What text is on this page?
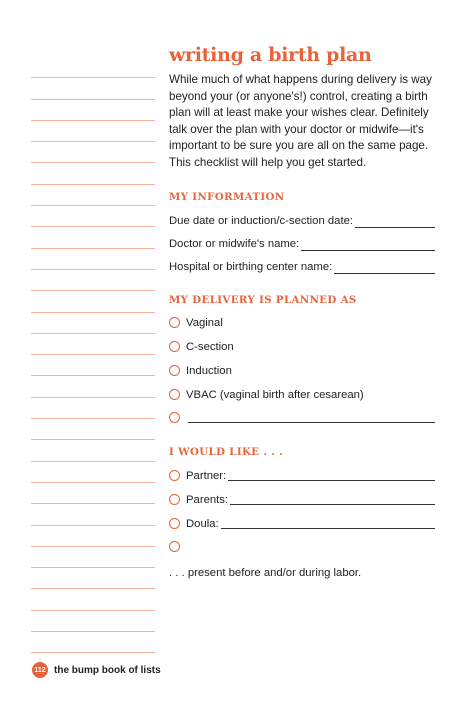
writing a birth plan

While much of what happens during delivery is way beyond your (or anyone's!) control, creating a birth plan will at least make your wishes clear. Definitely talk over the plan with your doctor or midwife—it's important to be sure you are all on the same page. This checklist will help you get started.

MY INFORMATION
Due date or induction/c-section date:
Doctor or midwife's name:
Hospital or birthing center name:
MY DELIVERY IS PLANNED AS
Vaginal
C-section
Induction
VBAC (vaginal birth after cesarean)
I WOULD LIKE . . .
Partner:
Parents:
Doula:
. . . present before and/or during labor.
112 the bump book of lists
